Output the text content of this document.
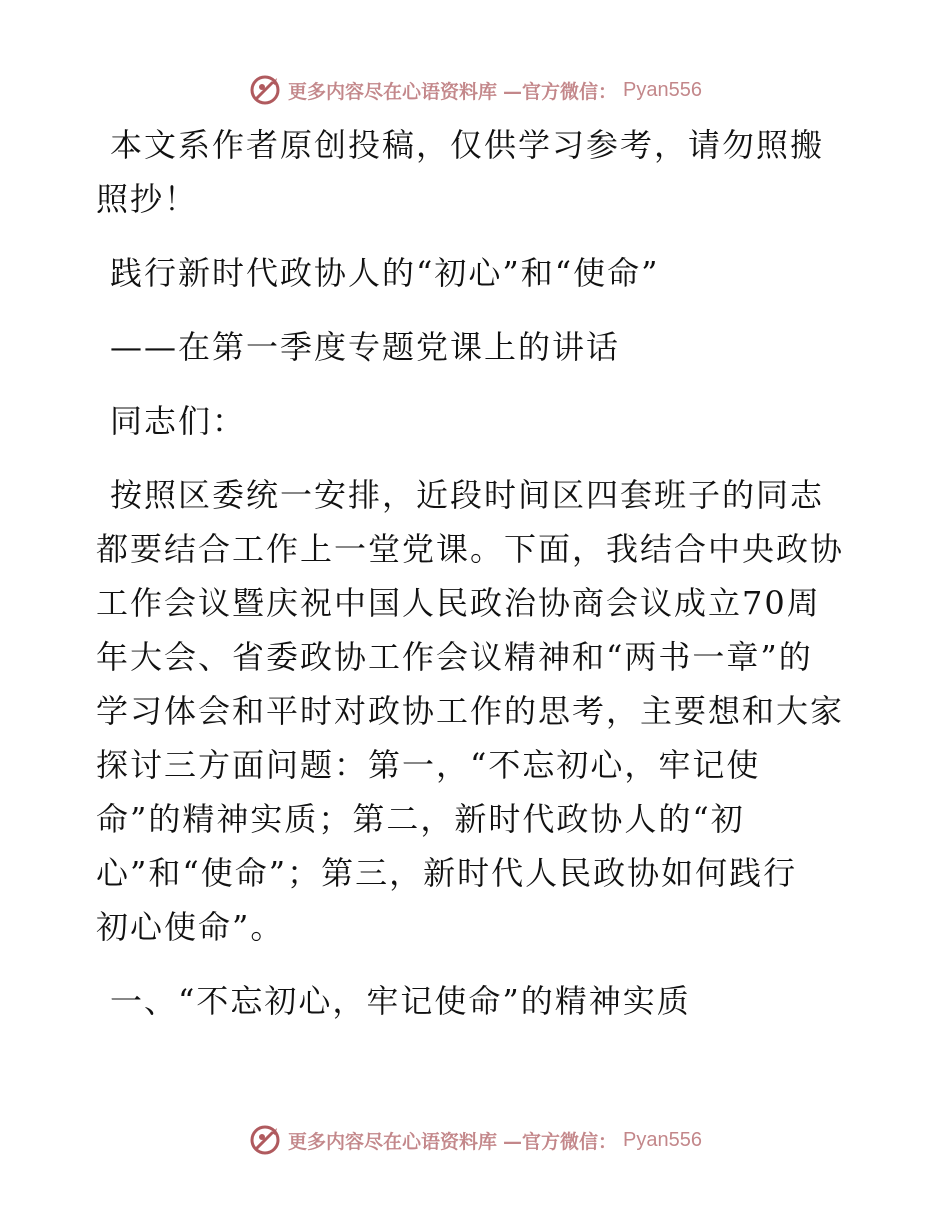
更多内容尽在心语资料库 —官方微信： Pyan556

本文系作者原创投稿，仅供学习参考，请勿照搬
照抄！

践行新时代政协人的“初心”和“使命”

——在第一季度专题党课上的讲话

同志们：

按照区委统一安排，近段时间区四套班子的同志
都要结合工作上一堂党课。下面，我结合中央政协
工作会议暨庆祝中国人民政治协商会议成立70周
年大会、省委政协工作会议精神和“两书一章”的
学习体会和平时对政协工作的思考，主要想和大家
探讨三方面问题：第一，“不忘初心，牢记使
命”的精神实质；第二，新时代政协人的“初
心”和“使命”；第三，新时代人民政协如何践行
初心使命”。

一、“不忘初心，牢记使命”的精神实质

更多内容尽在心语资料库 —官方微信： Pyan556
